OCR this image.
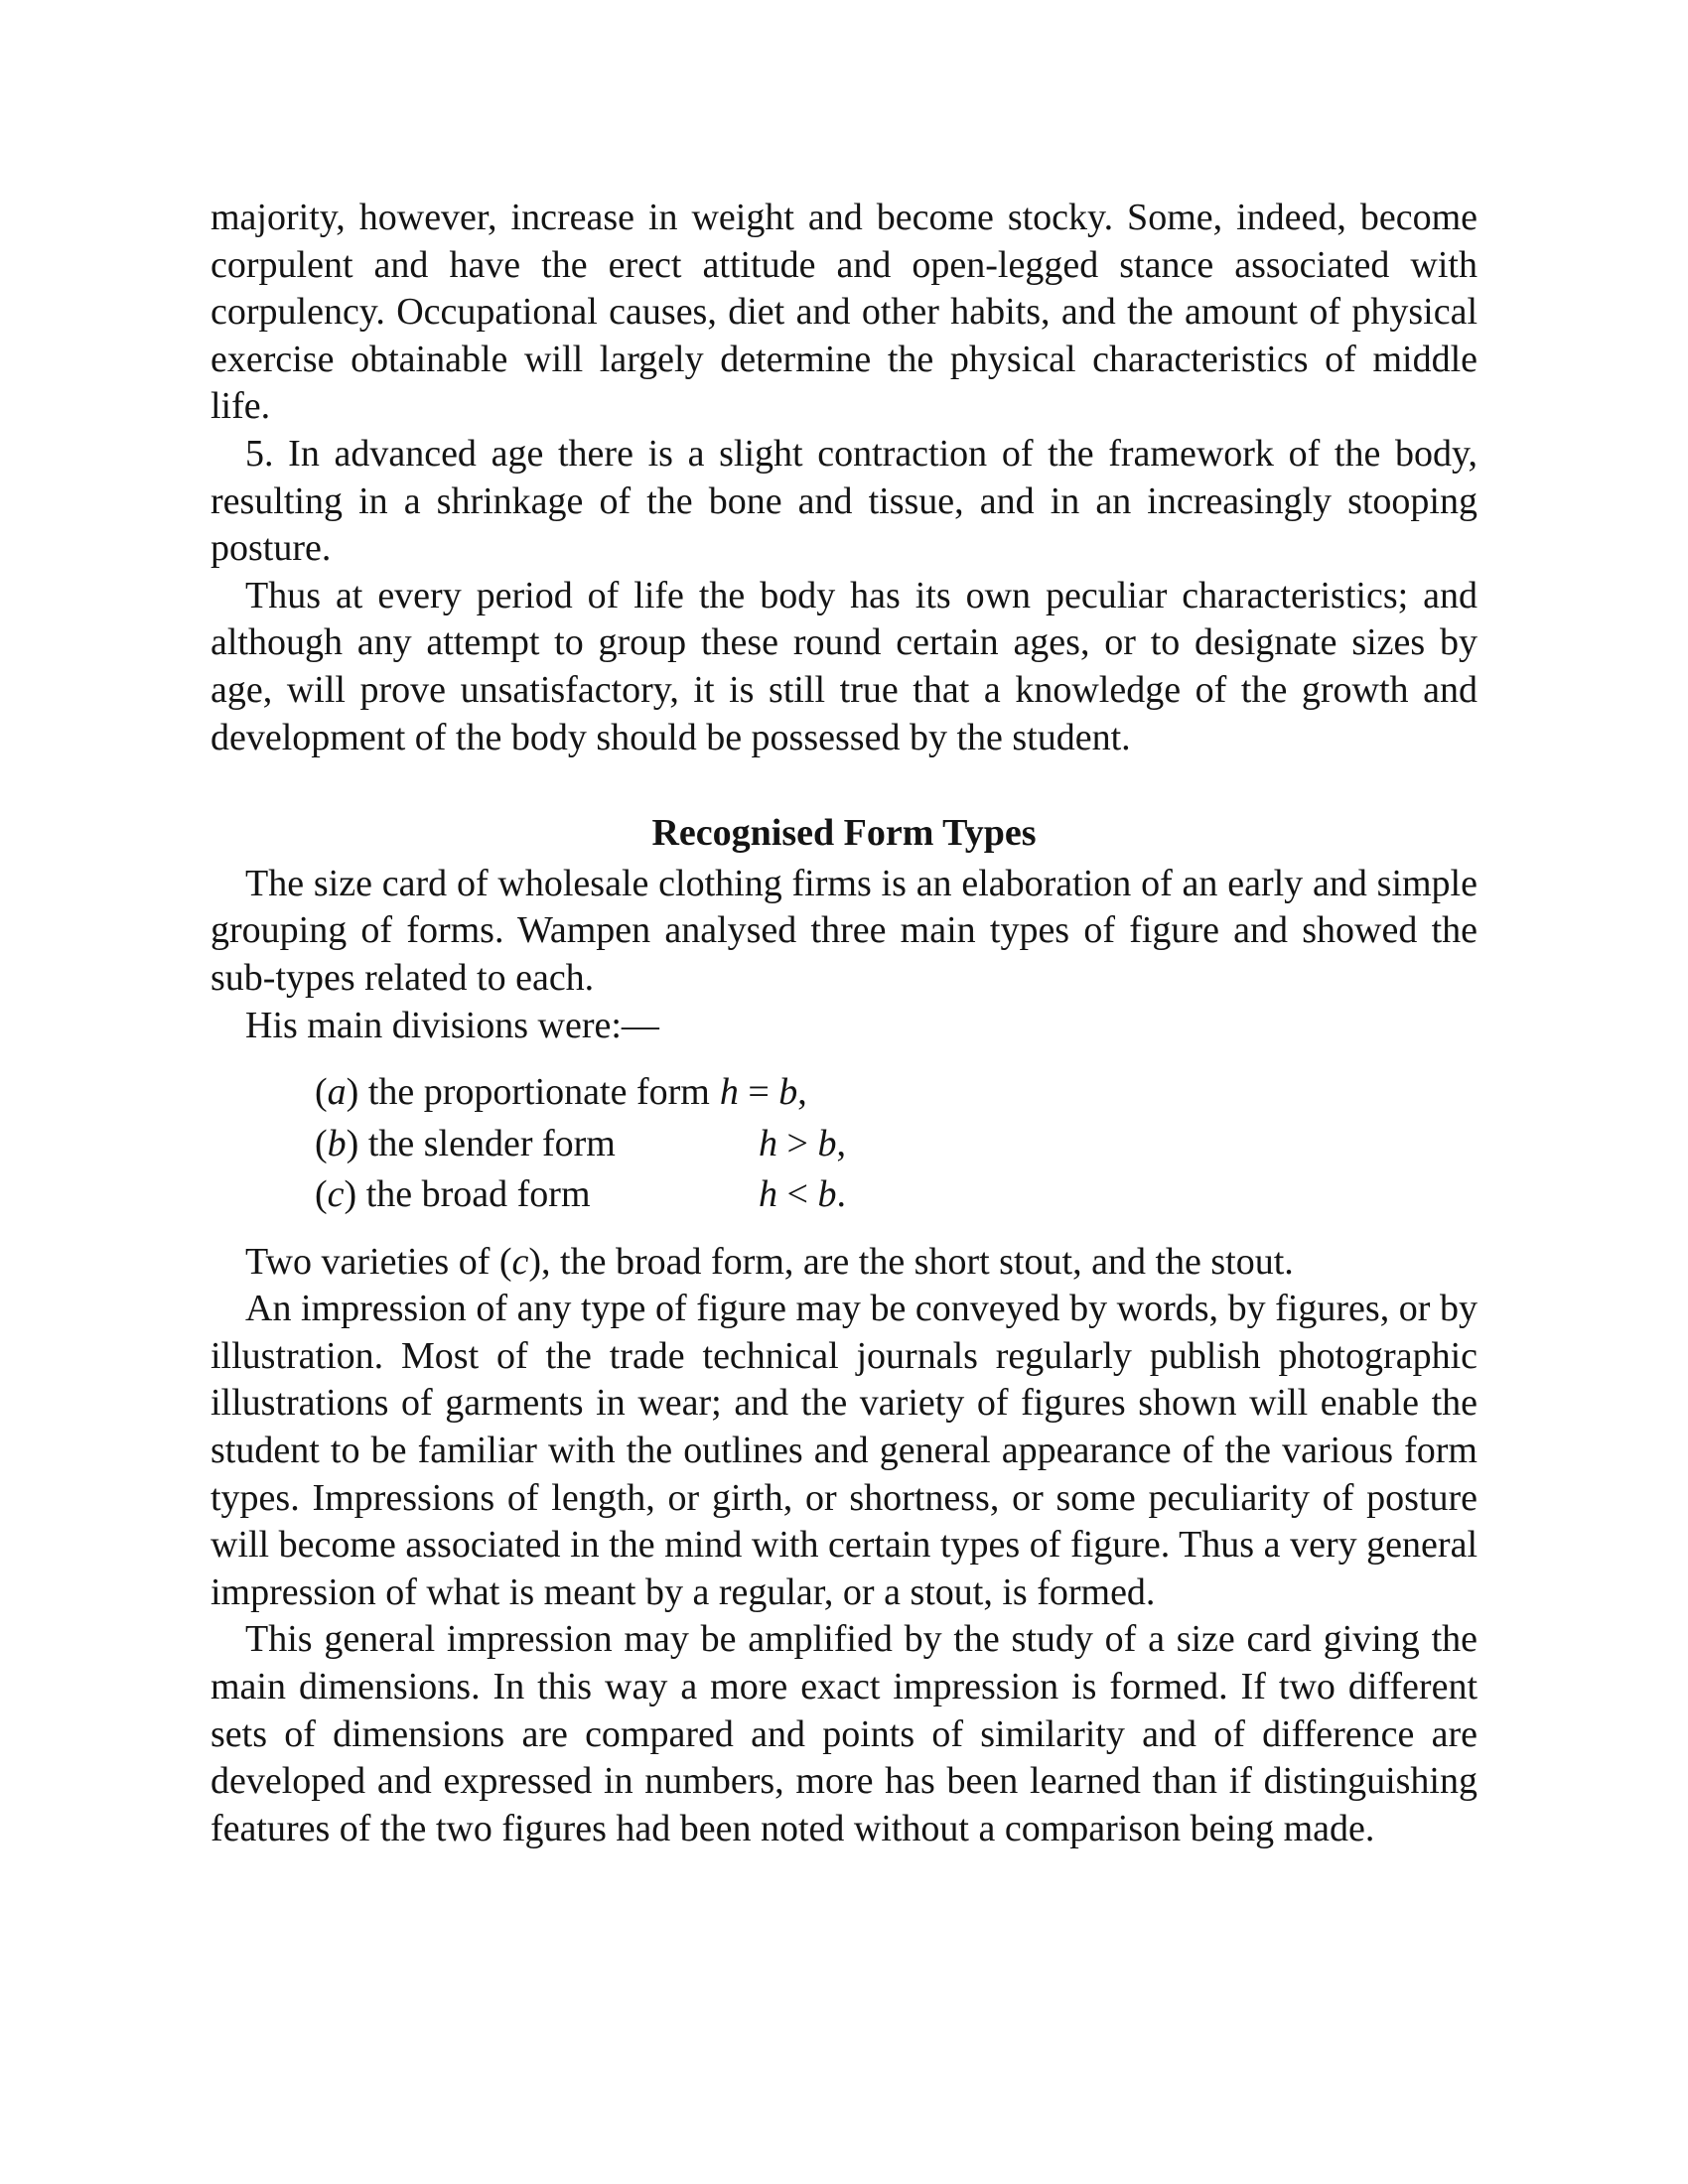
majority, however, increase in weight and become stocky. Some, indeed, become corpulent and have the erect attitude and open-legged stance associated with corpulency. Occupational causes, diet and other habits, and the amount of physical exercise obtainable will largely determine the physical characteristics of middle life.

5. In advanced age there is a slight contraction of the framework of the body, resulting in a shrinkage of the bone and tissue, and in an increasingly stooping posture.

Thus at every period of life the body has its own peculiar characteristics; and although any attempt to group these round certain ages, or to designate sizes by age, will prove unsatisfactory, it is still true that a knowledge of the growth and development of the body should be possessed by the student.

Recognised Form Types

The size card of wholesale clothing firms is an elaboration of an early and simple grouping of forms. Wampen analysed three main types of figure and showed the sub-types related to each.

His main divisions were:—

(a) the proportionate form h = b,
(b) the slender form	h > b,
(c) the broad form	h < b.

Two varieties of (c), the broad form, are the short stout, and the stout.

An impression of any type of figure may be conveyed by words, by figures, or by illustration. Most of the trade technical journals regularly publish photographic illustrations of garments in wear; and the variety of figures shown will enable the student to be familiar with the outlines and general appearance of the various form types. Impressions of length, or girth, or shortness, or some peculiarity of posture will become associated in the mind with certain types of figure. Thus a very general impression of what is meant by a regular, or a stout, is formed.

This general impression may be amplified by the study of a size card giving the main dimensions. In this way a more exact impression is formed. If two different sets of dimensions are compared and points of similarity and of difference are developed and expressed in numbers, more has been learned than if distinguishing features of the two figures had been noted without a comparison being made.
